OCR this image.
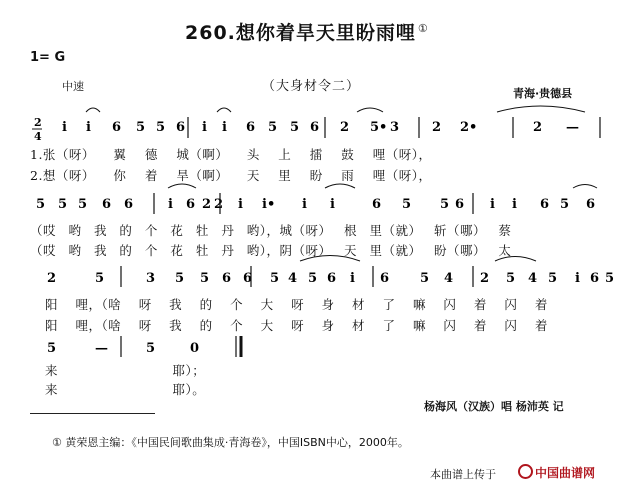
260.想你着旱天里盼雨哩 ①
1= G
中速	（大身材令二）	青海·贵德县
2
4
i i 6 5 5 6 i i 6 5 5 6 2 5• 3	2 2•	2 —
5 5 5 6 6	i 6 2 2 i i• i i	6 5 5 6 i i 6 5 6
2	5	3 5 5 6 6 5 4 5 6 i 6 5 4 2 5 4 5 i 6 5
5	—	5	0
1.张（呀） 翼 德 城（啊） 头 上 擂 鼓 哩（呀），
2.想（呀） 你 着 旱（啊） 天 里 盼 雨 哩（呀），
（哎 哟 我 的 个 花 牡 丹 哟），城（呀） 根 里（就） 斩（哪） 蔡
（哎 哟 我 的 个 花 牡 丹 哟），阴（呀） 天 里（就） 盼（哪） 太
阳 哩，（啥 呀 我 的 个 大 呀 身 材 了 嘛 闪 着 闪 着
阳 哩，（啥 呀 我 的 个 大 呀 身 材 了 嘛 闪 着 闪 着
来 耶）；
来 耶）。
杨海风（汉族）唱 杨沛英 记
① 黄荣恩主编：《中国民间歌曲集成·青海卷》，中国ISBN中心，2000年。
本曲谱上传于	中国曲谱网
